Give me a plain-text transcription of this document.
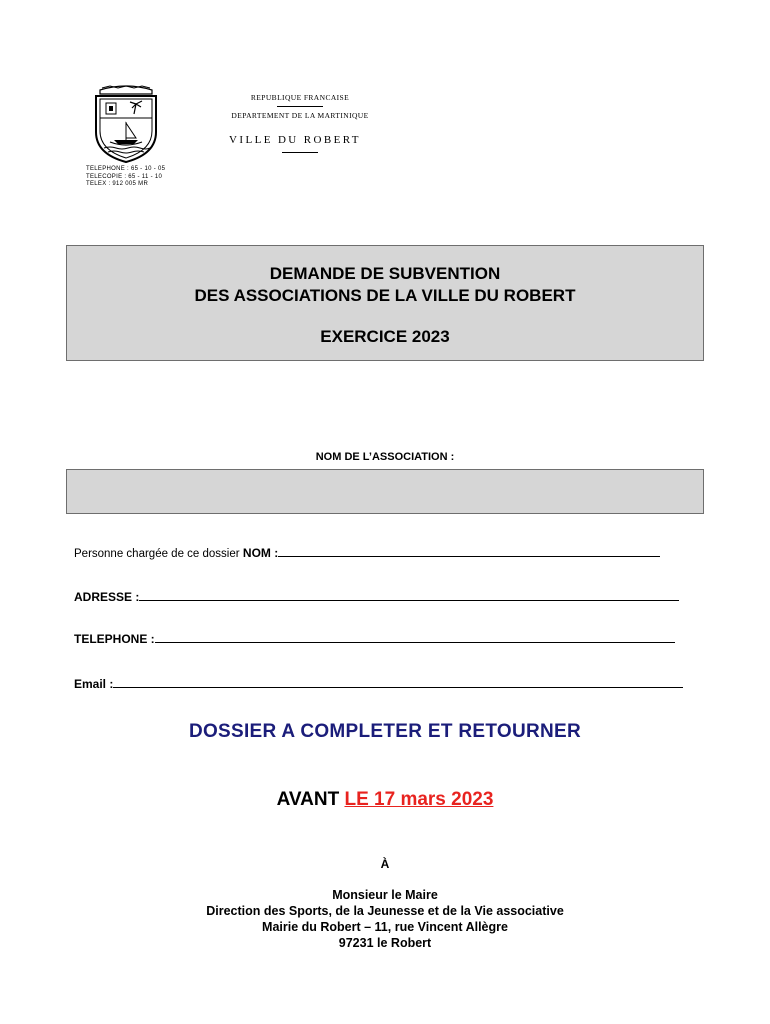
TELEPHONE : 65 - 10 - 05
TELECOPIE : 65 - 11 - 10
TELEX : 912 005 MR
REPUBLIQUE FRANCAISE
DEPARTEMENT DE LA MARTINIQUE
VILLE DU ROBERT
DEMANDE DE SUBVENTION
DES ASSOCIATIONS DE LA VILLE DU ROBERT
EXERCICE 2023
NOM DE L’ASSOCIATION :
Personne chargée de ce dossier NOM :
ADRESSE :
TELEPHONE :
Email :
DOSSIER A COMPLETER ET RETOURNER
AVANT LE 17 mars 2023
À
Monsieur le Maire
Direction des Sports, de la Jeunesse et de la Vie associative
Mairie du Robert – 11, rue Vincent Allègre
97231 le Robert
